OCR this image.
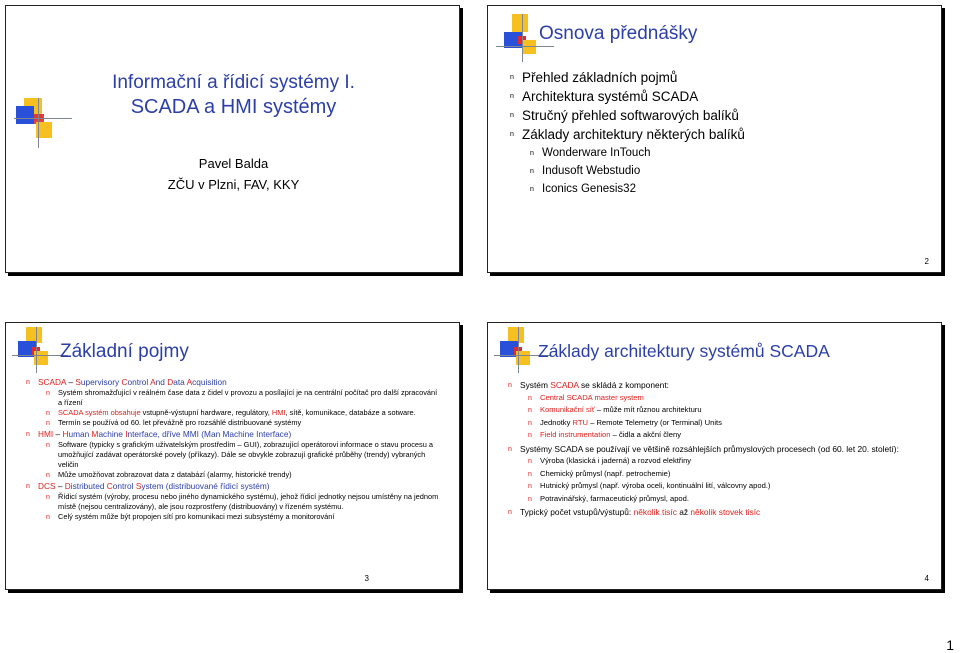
Informační a řídicí systémy I.
SCADA a HMI systémy
Pavel Balda
ZČU v Plzni, FAV, KKY
Osnova přednášky
n Přehled základních pojmů
n Architektura systémů SCADA
n Stručný přehled softwarových balíků
n Základy architektury některých balíků
n Wonderware InTouch
n Indusoft Webstudio
n Iconics Genesis32
2
Základní pojmy
n SCADA – Supervisory Control And Data Acquisition
n Systém shromažďující v reálném čase data z čidel v provozu a posílající je na centrální počítač pro další zpracování a řízení
n SCADA systém obsahuje vstupně-výstupní hardware, regulátory, HMI, sítě, komunikace, databáze a sotware.
n Termín se používá od 60. let převážně pro rozsáhlé distribuované systémy
n HMI – Human Machine Interface, dříve MMI (Man Machine Interface)
n Software (typicky s grafickým uživatelským prostředím – GUI), zobrazující operátorovi informace o stavu procesu a umožňující zadávat operátorské povely (příkazy). Dále se obvykle zobrazují grafické průběhy (trendy) vybraných veličin
n Může umožňovat zobrazovat data z databází (alarmy, historické trendy)
n DCS – Distributed Control System (distribuované řídicí systém)
n Řídicí systém (výroby, procesu nebo jiného dynamického systému), jehož řídicí jednotky nejsou umístěny na jednom místě (nejsou centralizovány), ale jsou rozprostřeny (distribuovány) v řízeném systému.
n Celý systém může být propojen sítí pro komunikaci mezi subsystémy a monitorování
3
Základy architektury systémů SCADA
n Systém SCADA se skládá z komponent:
n Central SCADA master system
n Komunikační síť – může mít různou architekturu
n Jednotky RTU – Remote Telemetry (or Terminal) Units
n Field instrumentation – čidla a akční členy
n Systémy SCADA se používají ve většině rozsáhlejších průmyslových procesech (od 60. let 20. století):
n Výroba (klasická i jaderná) a rozvod elektřiny
n Chemický průmysl (např. petrochemie)
n Hutnický průmysl (např. výroba oceli, kontinuální lití, válcovny apod.)
n Potravinářský, farmaceutický průmysl, apod.
n Typický počet vstupů/výstupů: několik tisíc až několik stovek tisíc
4
1
